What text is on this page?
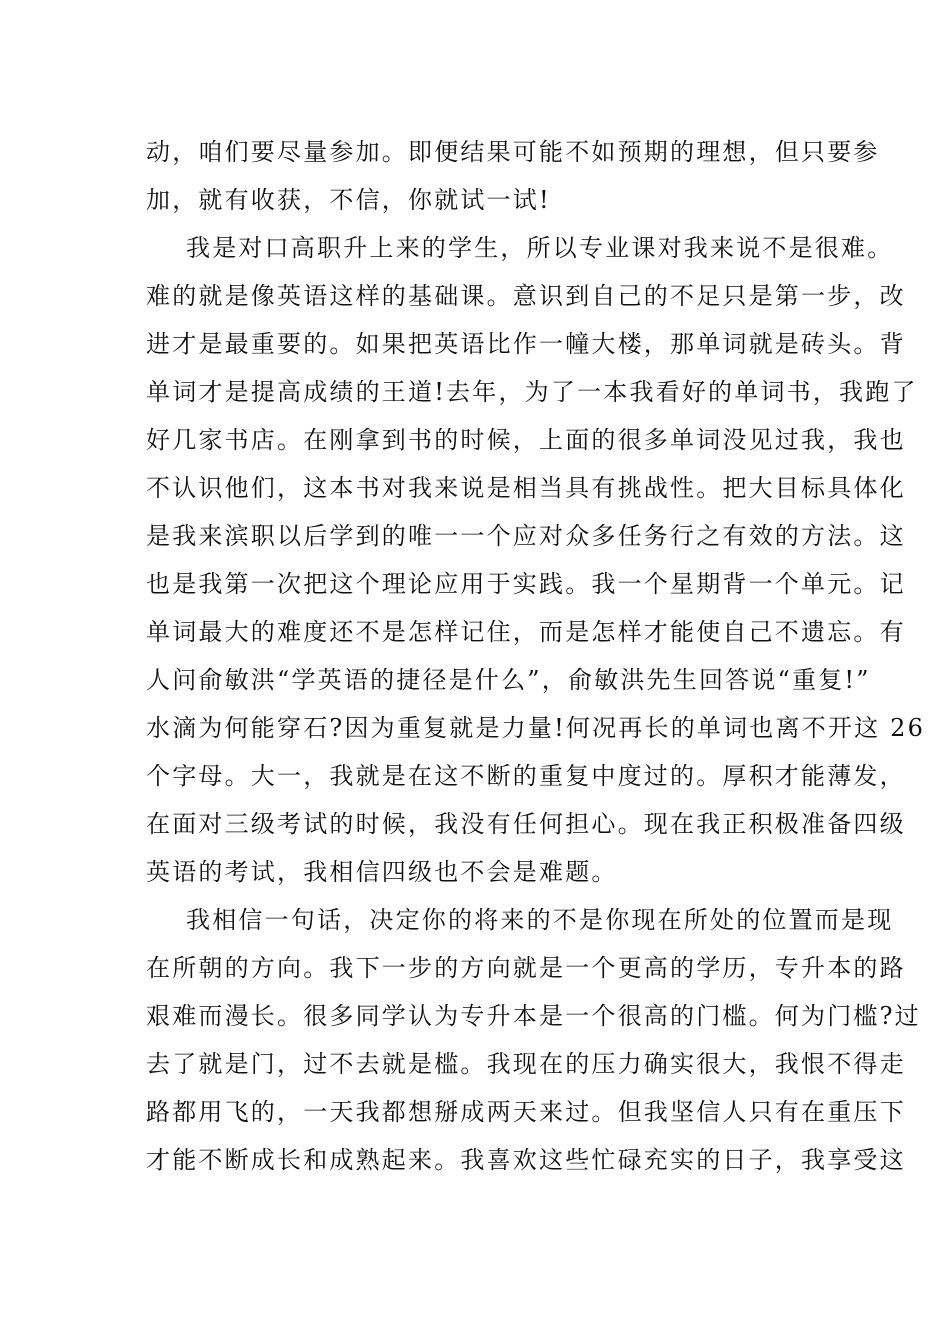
动，咱们要尽量参加。即便结果可能不如预期的理想，但只要参
加，就有收获，不信，你就试一试!
我是对口高职升上来的学生，所以专业课对我来说不是很难。
难的就是像英语这样的基础课。意识到自己的不足只是第一步，改
进才是最重要的。如果把英语比作一幢大楼，那单词就是砖头。背
单词才是提高成绩的王道!去年，为了一本我看好的单词书，我跑了
好几家书店。在刚拿到书的时候，上面的很多单词没见过我，我也
不认识他们，这本书对我来说是相当具有挑战性。把大目标具体化
是我来滨职以后学到的唯一一个应对众多任务行之有效的方法。这
也是我第一次把这个理论应用于实践。我一个星期背一个单元。记
单词最大的难度还不是怎样记住，而是怎样才能使自己不遗忘。有
人问俞敏洪“学英语的捷径是什么”，俞敏洪先生回答说“重复!”
水滴为何能穿石?因为重复就是力量!何况再长的单词也离不开这 26
个字母。大一，我就是在这不断的重复中度过的。厚积才能薄发，
在面对三级考试的时候，我没有任何担心。现在我正积极准备四级
英语的考试，我相信四级也不会是难题。
我相信一句话，决定你的将来的不是你现在所处的位置而是现
在所朝的方向。我下一步的方向就是一个更高的学历，专升本的路
艰难而漫长。很多同学认为专升本是一个很高的门槛。何为门槛?过
去了就是门，过不去就是槛。我现在的压力确实很大，我恨不得走
路都用飞的，一天我都想掰成两天来过。但我坚信人只有在重压下
才能不断成长和成熟起来。我喜欢这些忙碌充实的日子，我享受这
